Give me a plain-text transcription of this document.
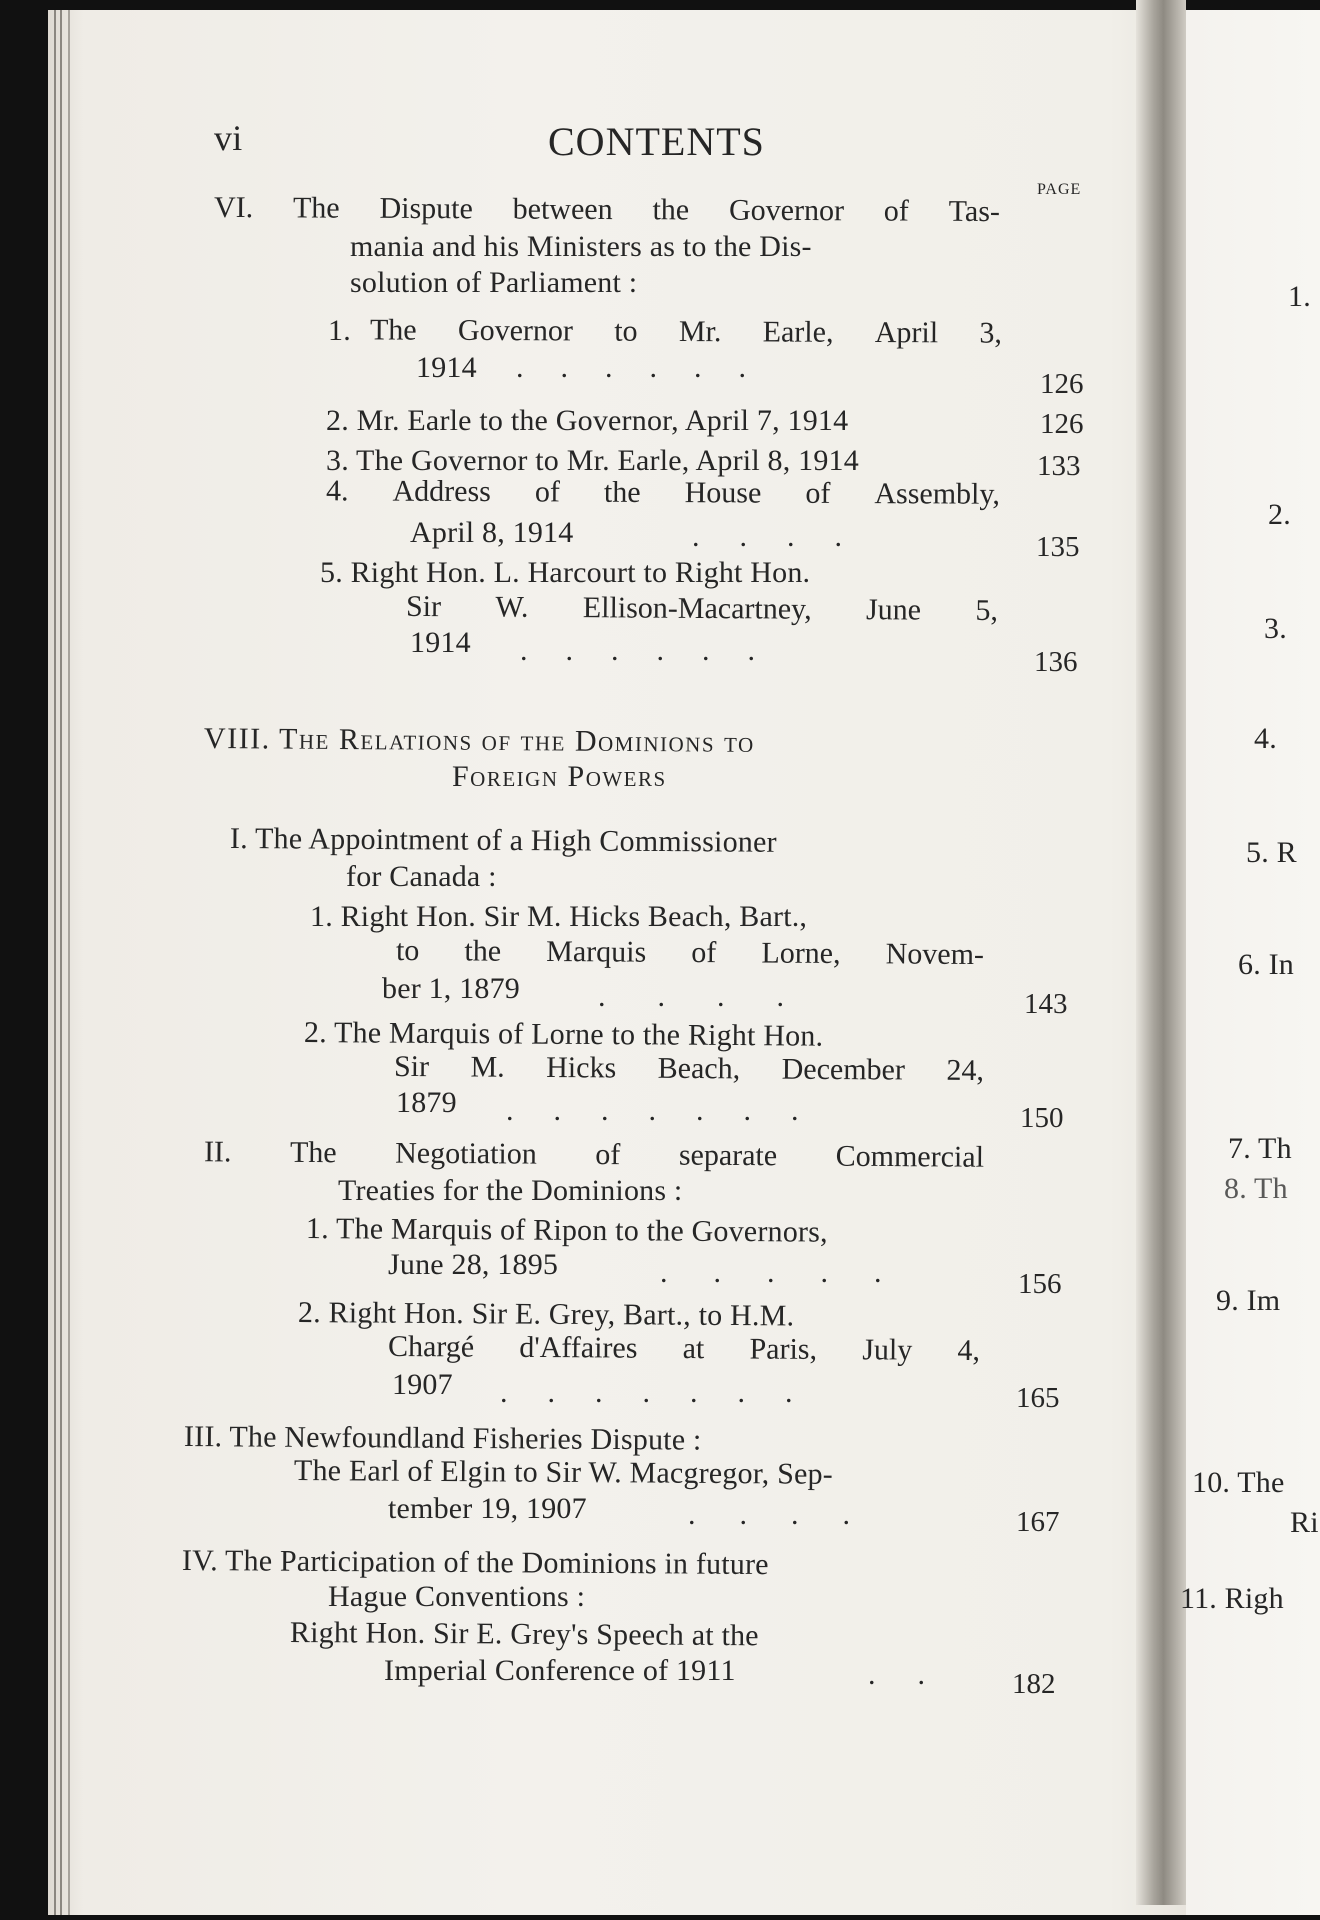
vi	CONTENTS
PAGE
VI. The Dispute between the Governor of Tas-
mania and his Ministers as to the Dis-
solution of Parliament :
1. The Governor to Mr. Earle, April 3,
1914 ......	126
2. Mr. Earle to the Governor, April 7, 1914	126
3. The Governor to Mr. Earle, April 8, 1914	133
4. Address of the House of Assembly,
April 8, 1914	....	135
5. Right Hon. L. Harcourt to Right Hon.
Sir W. Ellison-Macartney, June 5,
1914 ......	136
VIII. The Relations of the Dominions to
Foreign Powers
I. The Appointment of a High Commissioner
for Canada :
1. Right Hon. Sir M. Hicks Beach, Bart.,
to the Marquis of Lorne, Novem-
ber 1, 1879	....	143
2. The Marquis of Lorne to the Right Hon.
Sir M. Hicks Beach, December 24,
1879 .......	150
II. The Negotiation of separate Commercial
Treaties for the Dominions :
1. The Marquis of Ripon to the Governors,
June 28, 1895	.....	156
2. Right Hon. Sir E. Grey, Bart., to H.M.
Chargé d'Affaires at Paris, July 4,
1907 .......	165
III. The Newfoundland Fisheries Dispute :
The Earl of Elgin to Sir W. Macgregor, Sep-
tember 19, 1907	....	167
IV. The Participation of the Dominions in future
Hague Conventions :
Right Hon. Sir E. Grey's Speech at the
Imperial Conference of 1911	.. 182
1.
2.
3.
4.
5. R
6. In
7. Th
8. Th
9. Im
10. The
Ri
11. Righ
